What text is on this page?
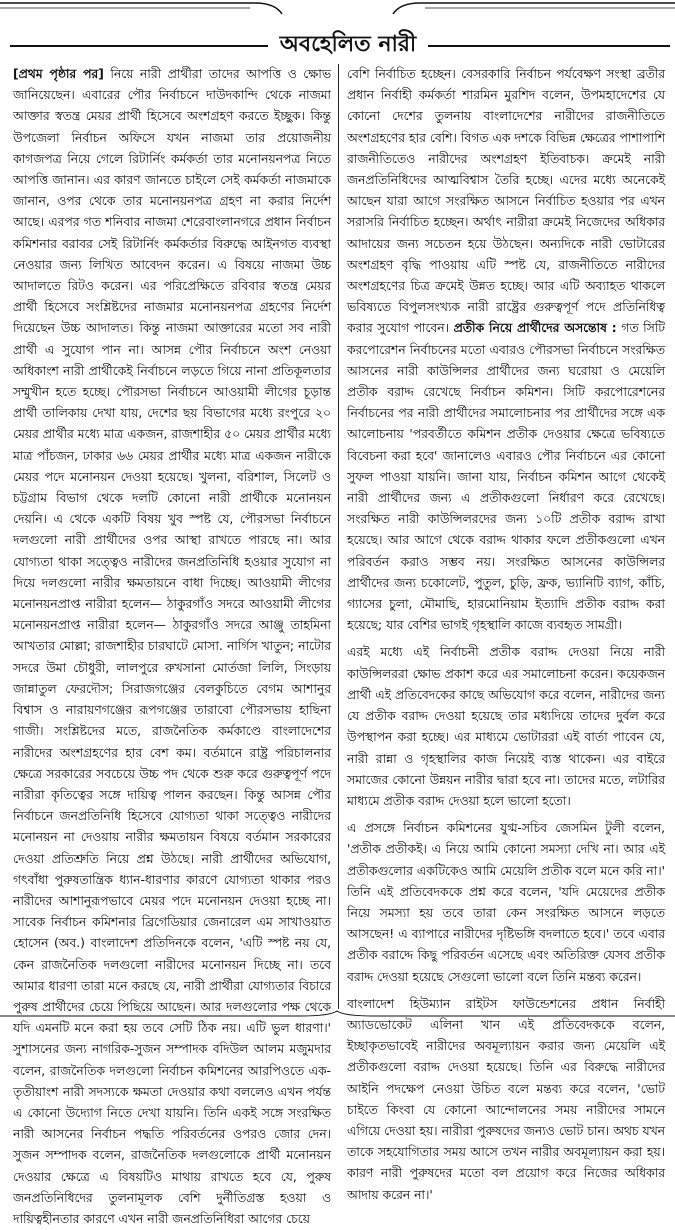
অবহেলিত নারী

[প্রথম পৃষ্ঠার পর] নিয়ে নারী প্রার্থীরা তাদের আপত্তি ও ক্ষোভ জানিয়েছেন। এবারের পৌর নির্বাচনে দাউদকান্দি থেকে নাজমা আক্তার স্বতন্ত্র মেয়র প্রার্থী হিসেবে অংশগ্রহণ করতে ইচ্ছুক। কিন্তু উপজেলা নির্বাচন অফিসে যখন নাজমা তার প্রয়োজনীয় কাগজপত্র নিয়ে গেলে রিটার্নিং কর্মকর্তা তার মনোনয়নপত্র নিতে আপত্তি জানান। এর কারণ জানতে চাইলে সেই কর্মকর্তা নাজমাকে জানান, ওপর থেকে তার মনোনয়নপত্র গ্রহণ না করার নির্দেশ আছে। এরপর গত শনিবার নাজমা শেরেবাংলানগরে প্রধান নির্বাচন কমিশনার বরাবর সেই রিটার্নিং কর্মকর্তার বিরুদ্ধে আইনগত ব্যবস্থা নেওয়ার জন্য লিখিত আবেদন করেন। এ বিষয়ে নাজমা উচ্চ আদালতে রিটও করেন। এর পরিপ্রেক্ষিতে রবিবার স্বতন্ত্র মেয়র প্রার্থী হিসেবে সংশ্লিষ্টদের নাজমার মনোনয়নপত্র গ্রহণের নির্দেশ দিয়েছেন উচ্চ আদালত। কিন্তু নাজমা আক্তারের মতো সব নারী প্রার্থী এ সুযোগ পান না। আসন্ন পৌর নির্বাচনে অংশ নেওয়া অধিকাংশ নারী প্রার্থীকেই নির্বাচনে লড়তে গিয়ে নানা প্রতিকূলতার সম্মুখীন হতে হচ্ছে। পৌরসভা নির্বাচনে আওয়ামী লীগের চূড়ান্ত প্রার্থী তালিকায় দেখা যায়, দেশের ছয় বিভাগের মধ্যে রংপুরে ২০ মেয়র প্রার্থীর মধ্যে মাত্র একজন, রাজশাহীর ৫০ মেয়র প্রার্থীর মধ্যে মাত্র পাঁচজন, ঢাকার ৬৬ মেয়র প্রার্থীর মধ্যে মাত্র একজন নারীকে মেয়র পদে মনোনয়ন দেওয়া হয়েছে। খুলনা, বরিশাল, সিলেট ও চট্টগ্রাম বিভাগ থেকে দলটি কোনো নারী প্রার্থীকে মনোনয়ন দেয়নি। এ থেকে একটি বিষয় খুব স্পষ্ট যে, পৌরসভা নির্বাচনে দলগুলো নারী প্রার্থীদের ওপর আস্থা রাখতে পারছে না। আর যোগ্যতা থাকা সত্ত্বেও নারীদের জনপ্রতিনিধি হওয়ার সুযোগ না দিয়ে দলগুলো নারীর ক্ষমতায়নে বাধা দিচ্ছে। আওয়ামী লীগের মনোনয়নপ্রাপ্ত নারীরা হলেন— ঠাকুরগাঁও সদরে আওয়ামী লীগের মনোনয়নপ্রাপ্ত নারীরা হলেন— ঠাকুরগাঁও সদরে আঞ্জু তাহমিনা আখতার মোল্লা; রাজশাহীর চারঘাটে মোসা. নার্গিস খাতুন; নাটোর সদরে উমা চৌধুরী, লালপুরে রুখসানা মোর্তজা লিলি, সিংড়ায় জান্নাতুল ফেরদৌস; সিরাজগঞ্জের বেলকুচিতে বেগম আশানুর বিশ্বাস ও নারায়ণগঞ্জের রূপগঞ্জের তারাবো পৌরসভায় হাছিনা গাজী। সংশ্লিষ্টদের মতে, রাজনৈতিক কর্মকাণ্ডে বাংলাদেশের নারীদের অংশগ্রহণের হার বেশ কম। বর্তমানে রাষ্ট্র পরিচালনার ক্ষেত্রে সরকারের সবচেয়ে উচ্চ পদ থেকে শুরু করে গুরুত্বপূর্ণ পদে নারীরা কৃতিত্বের সঙ্গে দায়িত্ব পালন করছেন। কিন্তু আসন্ন পৌর নির্বাচনে জনপ্রতিনিধি হিসেবে যোগ্যতা থাকা সত্ত্বেও নারীদের মনোনয়ন না দেওয়ায় নারীর ক্ষমতায়ন বিষয়ে বর্তমান সরকারের দেওয়া প্রতিশ্রুতি নিয়ে প্রশ্ন উঠছে। নারী প্রার্থীদের অভিযোগ, গৎবাঁধা পুরুষতান্ত্রিক ধ্যান-ধারণার কারণে যোগ্যতা থাকার পরও নারীদের আশানুরূপভাবে মেয়র পদে মনোনয়ন দেওয়া হচ্ছে না। সাবেক নির্বাচন কমিশনার ব্রিগেডিয়ার জেনারেল এম সাখাওয়াত হোসেন (অব.) বাংলাদেশ প্রতিদিনকে বলেন, 'এটি স্পষ্ট নয় যে, কেন রাজনৈতিক দলগুলো নারীদের মনোনয়ন দিচ্ছে না। তবে আমার ধারণা তারা মনে করছে যে, নারী প্রার্থীরা যোগ্যতার বিচারে পুরুষ প্রার্থীদের চেয়ে পিছিয়ে আছেন। আর দলগুলোর পক্ষ থেকে যদি এমনটি মনে করা হয় তবে সেটি ঠিক নয়। এটি ভুল ধারণা।' সুশাসনের জন্য নাগরিক-সুজন সম্পাদক বদিউল আলম মজুমদার বলেন, রাজনৈতিক দলগুলো নির্বাচন কমিশনের আরপিওতে এক-তৃতীয়াংশ নারী সদস্যকে ক্ষমতা দেওয়ার কথা বললেও এখন পর্যন্ত এ কোনো উদ্যোগ নিতে দেখা যায়নি। তিনি একই সঙ্গে সংরক্ষিত নারী আসনের নির্বাচন পদ্ধতি পরিবর্তনের ওপরও জোর দেন। সুজন সম্পাদক বলেন, রাজনৈতিক দলগুলোকে প্রার্থী মনোনয়ন দেওয়ার ক্ষেত্রে এ বিষয়টিও মাথায় রাখতে হবে যে, পুরুষ জনপ্রতিনিধিদের তুলনামূলক বেশি দুর্নীতিগ্রস্ত হওয়া ও দায়িত্বহীনতার কারণে এখন নারী জনপ্রতিনিধিরা আগের চেয়ে

বেশি নির্বাচিত হচ্ছেন। বেসরকারি নির্বাচন পর্যবেক্ষণ সংস্থা ব্রতীর প্রধান নির্বাহী কর্মকর্তা শারমিন মুরশিদ বলেন, উপমহাদেশের যে কোনো দেশের তুলনায় বাংলাদেশের নারীদের রাজনীতিতে অংশগ্রহণের হার বেশি। বিগত এক দশকে বিভিন্ন ক্ষেত্রের পাশাপাশি রাজনীতিতেও নারীদের অংশগ্রহণ ইতিবাচক। ক্রমেই নারী জনপ্রতিনিধিদের আত্মবিশ্বাস তৈরি হচ্ছে। এদের মধ্যে অনেকেই আছেন যারা আগে সংরক্ষিত আসনে নির্বাচিত হওয়ার পর এখন সরাসরি নির্বাচিত হচ্ছেন। অর্থাৎ নারীরা ক্রমেই নিজেদের অধিকার আদায়ের জন্য সচেতন হয়ে উঠছেন। অন্যদিকে নারী ভোটারের অংশগ্রহণ বৃদ্ধি পাওয়ায় এটি স্পষ্ট যে, রাজনীতিতে নারীদের অংশগ্রহণের চিত্র ক্রমেই উন্নত হচ্ছে। আর এটি অব্যাহত থাকলে ভবিষ্যতে বিপুলসংখ্যক নারী রাষ্ট্রের গুরুত্বপূর্ণ পদে প্রতিনিধিত্ব করার সুযোগ পাবেন। প্রতীক নিয়ে প্রার্থীদের অসন্তোষ : গত সিটি করপোরেশন নির্বাচনের মতো এবারও পৌরসভা নির্বাচনে সংরক্ষিত আসনের নারী কাউন্সিলর প্রার্থীদের জন্য ঘরোয়া ও মেয়েলি প্রতীক বরাদ্দ রেখেছে নির্বাচন কমিশন। সিটি করপোরেশনের নির্বাচনের পর নারী প্রার্থীদের সমালোচনার পর প্রার্থীদের সঙ্গে এক আলোচনায় 'পরবর্তীতে কমিশন প্রতীক দেওয়ার ক্ষেত্রে ভবিষ্যতে বিবেচনা করা হবে' জানালেও এবারও পৌর নির্বাচনে এর কোনো সুফল পাওয়া যায়নি। জানা যায়, নির্বাচন কমিশন আগে থেকেই নারী প্রার্থীদের জন্য এ প্রতীকগুলো নির্ধারণ করে রেখেছে। সংরক্ষিত নারী কাউন্সিলরদের জন্য ১০টি প্রতীক বরাদ্দ রাখা হয়েছে। আর আগে থেকে বরাদ্দ থাকার ফলে প্রতীকগুলো এখন পরিবর্তন করাও সম্ভব নয়। সংরক্ষিত আসনের কাউন্সিলর প্রার্থীদের জন্য চকোলেট, পুতুল, চুড়ি, ফ্রক, ভ্যানিটি ব্যাগ, কাঁচি, গ্যাসের চুলা, মৌমাছি, হারমোনিয়াম ইত্যাদি প্রতীক বরাদ্দ করা হয়েছে; যার বেশির ভাগই গৃহস্থালি কাজে ব্যবহৃত সামগ্রী।

এরই মধ্যে এই নির্বাচনী প্রতীক বরাদ্দ দেওয়া নিয়ে নারী কাউন্সিলররা ক্ষোভ প্রকাশ করে এর সমালোচনা করেন। কয়েকজন প্রার্থী এই প্রতিবেদকের কাছে অভিযোগ করে বলেন, নারীদের জন্য যে প্রতীক বরাদ্দ দেওয়া হয়েছে তার মধ্যদিয়ে তাদের দুর্বল করে উপস্থাপন করা হচ্ছে। এর মাধ্যমে ভোটাররা এই বার্তা পাবেন যে, নারী রান্না ও গৃহস্থালির কাজ নিয়েই ব্যস্ত থাকেন। এর বাইরে সমাজের কোনো উন্নয়ন নারীর দ্বারা হবে না। তাদের মতে, লটারির মাধ্যমে প্রতীক বরাদ্দ দেওয়া হলে ভালো হতো।

এ প্রসঙ্গে নির্বাচন কমিশনের যুগ্ম-সচিব জেসমিন টুলী বলেন, 'প্রতীক প্রতীকই। এ নিয়ে আমি কোনো সমস্যা দেখি না। আর এই প্রতীকগুলোর একটিকেও আমি মেয়েলি প্রতীক বলে মনে করি না।' তিনি এই প্রতিবেদককে প্রশ্ন করে বলেন, 'যদি মেয়েদের প্রতীক নিয়ে সমস্যা হয় তবে তারা কেন সংরক্ষিত আসনে লড়তে আসছেন! এ ব্যাপারে নারীদের দৃষ্টিভঙ্গি বদলাতে হবে।' তবে এবার প্রতীক বরাদ্দে কিছু পরিবর্তন এসেছে এবং অতিরিক্ত যেসব প্রতীক বরাদ্দ দেওয়া হয়েছে সেগুলো ভালো বলে তিনি মন্তব্য করেন।

বাংলাদেশ হিউম্যান রাইটস ফাউন্ডেশনের প্রধান নির্বাহী অ্যাডভোকেট এলিনা খান এই প্রতিবেদককে বলেন, ইচ্ছাকৃতভাবেই নারীদের অবমূল্যায়ন করার জন্য মেয়েলি এই প্রতীকগুলো বরাদ্দ দেওয়া হয়েছে। তিনি এর বিরুদ্ধে নারীদের আইনি পদক্ষেপ নেওয়া উচিত বলে মন্তব্য করে বলেন, 'ভোট চাইতে কিংবা যে কোনো আন্দোলনের সময় নারীদের সামনে এগিয়ে দেওয়া হয়। নারীরা পুরুষদের জন্যও ভোট চান। অথচ যখন তাকে সহযোগিতার সময় আসে তখন নারীর অবমূল্যায়ন করা হয়। কারণ নারী পুরুষদের মতো বল প্রয়োগ করে নিজের অধিকার আদায় করেন না।'
